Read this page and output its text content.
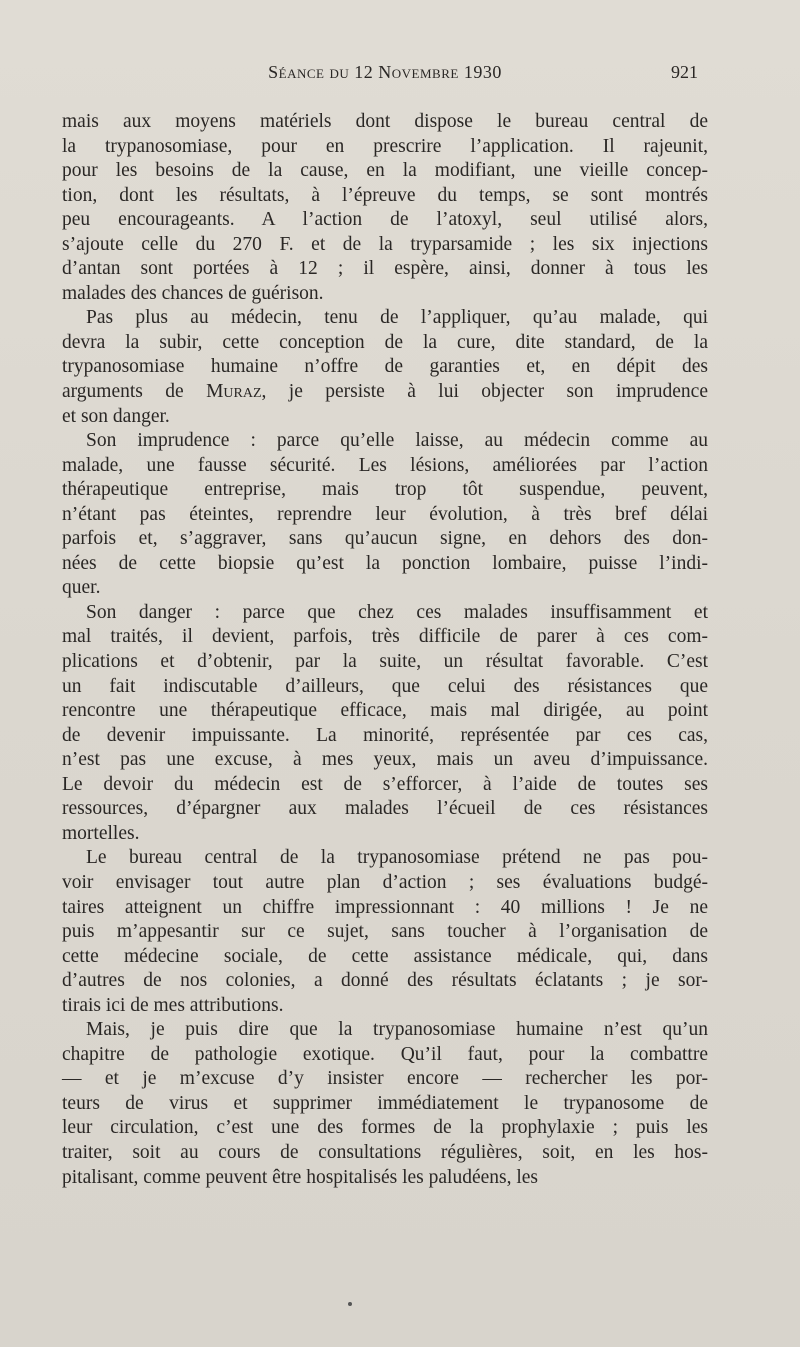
Séance du 12 Novembre 1930	921
mais aux moyens matériels dont dispose le bureau central de
la trypanosomiase, pour en prescrire l’application. Il rajeunit,
pour les besoins de la cause, en la modifiant, une vieille concep-
tion, dont les résultats, à l’épreuve du temps, se sont montrés
peu encourageants. A l’action de l’atoxyl, seul utilisé alors,
s’ajoute celle du 270 F. et de la tryparsamide ; les six injections
d’antan sont portées à 12 ; il espère, ainsi, donner à tous les
malades des chances de guérison.
Pas plus au médecin, tenu de l’appliquer, qu’au malade, qui
devra la subir, cette conception de la cure, dite standard, de la
trypanosomiase humaine n’offre de garanties et, en dépit des
arguments de Muraz, je persiste à lui objecter son imprudence
et son danger.
Son imprudence : parce qu’elle laisse, au médecin comme au
malade, une fausse sécurité. Les lésions, améliorées par l’action
thérapeutique entreprise, mais trop tôt suspendue, peuvent,
n’étant pas éteintes, reprendre leur évolution, à très bref délai
parfois et, s’aggraver, sans qu’aucun signe, en dehors des don-
nées de cette biopsie qu’est la ponction lombaire, puisse l’indi-
quer.
Son danger : parce que chez ces malades insuffisamment et
mal traités, il devient, parfois, très difficile de parer à ces com-
plications et d’obtenir, par la suite, un résultat favorable. C’est
un fait indiscutable d’ailleurs, que celui des résistances que
rencontre une thérapeutique efficace, mais mal dirigée, au point
de devenir impuissante. La minorité, représentée par ces cas,
n’est pas une excuse, à mes yeux, mais un aveu d’impuissance.
Le devoir du médecin est de s’efforcer, à l’aide de toutes ses
ressources, d’épargner aux malades l’écueil de ces résistances
mortelles.
Le bureau central de la trypanosomiase prétend ne pas pou-
voir envisager tout autre plan d’action ; ses évaluations budgé-
taires atteignent un chiffre impressionnant : 40 millions ! Je ne
puis m’appesantir sur ce sujet, sans toucher à l’organisation de
cette médecine sociale, de cette assistance médicale, qui, dans
d’autres de nos colonies, a donné des résultats éclatants ; je sor-
tirais ici de mes attributions.
Mais, je puis dire que la trypanosomiase humaine n’est qu’un
chapitre de pathologie exotique. Qu’il faut, pour la combattre
— et je m’excuse d’y insister encore — rechercher les por-
teurs de virus et supprimer immédiatement le trypanosome de
leur circulation, c’est une des formes de la prophylaxie ; puis les
traiter, soit au cours de consultations régulières, soit, en les hos-
pitalisant, comme peuvent être hospitalisés les paludéens, les
